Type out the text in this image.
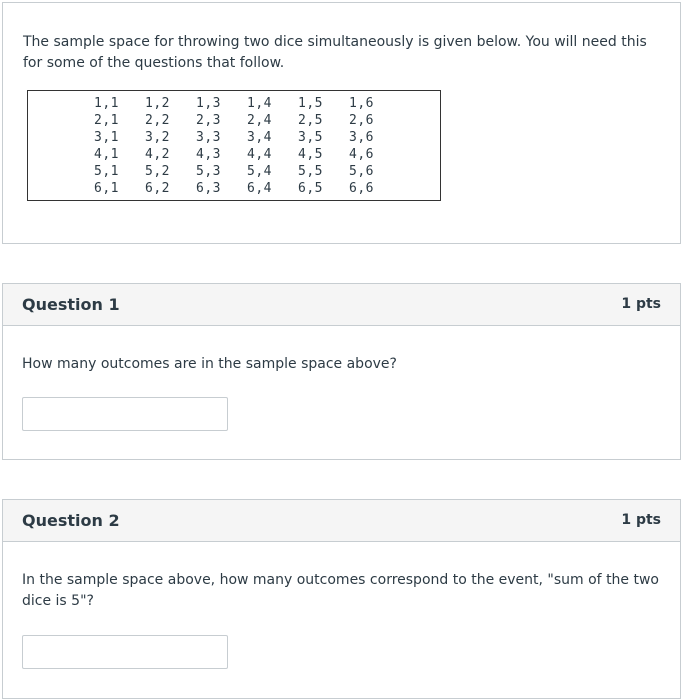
The sample space for throwing two dice simultaneously is given below. You will need this for some of the questions that follow.
1,1	1,2	1,3	1,4	1,5	1,6
2,1	2,2	2,3	2,4	2,5	2,6
3,1	3,2	3,3	3,4	3,5	3,6
4,1	4,2	4,3	4,4	4,5	4,6
5,1	5,2	5,3	5,4	5,5	5,6
6,1	6,2	6,3	6,4	6,5	6,6
Question 1	1 pts
How many outcomes are in the sample space above?
Question 2	1 pts
In the sample space above, how many outcomes correspond to the event, "sum of the two dice is 5"?
